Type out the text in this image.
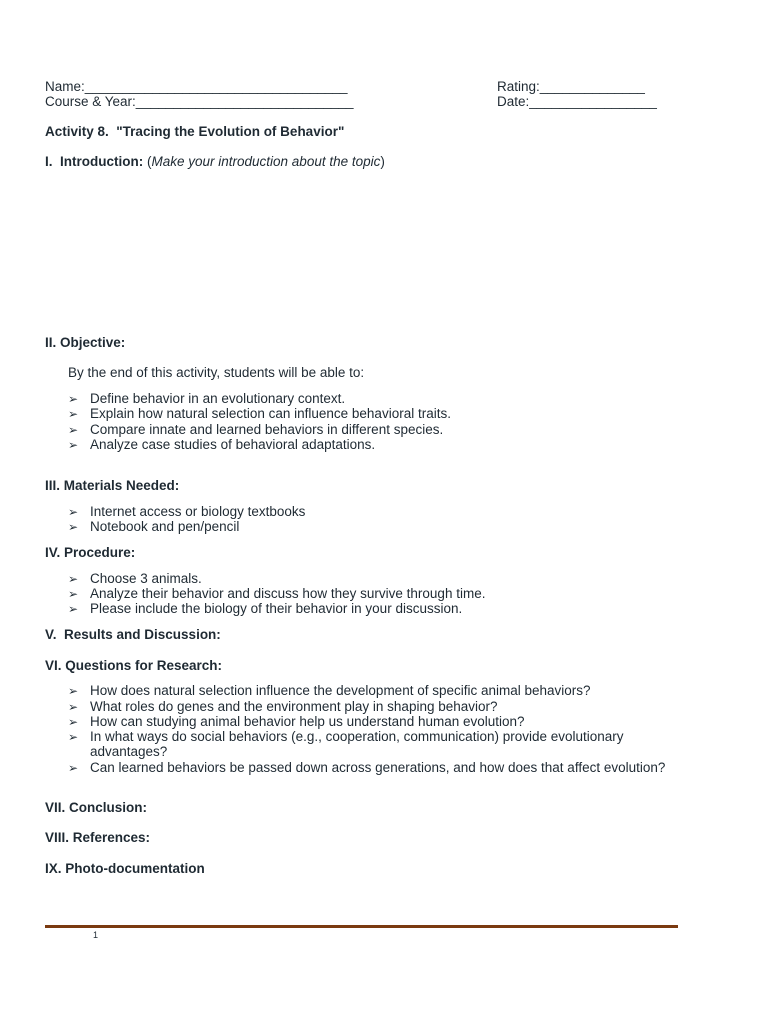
Name:___________________________________
Course & Year:_____________________________
Rating:______________
Date:_________________
Activity 8.  "Tracing the Evolution of Behavior"
I.  Introduction: (Make your introduction about the topic)
II. Objective:
By the end of this activity, students will be able to:
➢ Define behavior in an evolutionary context.
➢ Explain how natural selection can influence behavioral traits.
➢ Compare innate and learned behaviors in different species.
➢ Analyze case studies of behavioral adaptations.
III. Materials Needed:
➢ Internet access or biology textbooks
➢ Notebook and pen/pencil
IV. Procedure:
➢ Choose 3 animals.
➢ Analyze their behavior and discuss how they survive through time.
➢ Please include the biology of their behavior in your discussion.
V.  Results and Discussion:
VI. Questions for Research:
➢ How does natural selection influence the development of specific animal behaviors?
➢ What roles do genes and the environment play in shaping behavior?
➢ How can studying animal behavior help us understand human evolution?
➢ In what ways do social behaviors (e.g., cooperation, communication) provide evolutionary advantages?
➢ Can learned behaviors be passed down across generations, and how does that affect evolution?
VII. Conclusion:
VIII. References:
IX. Photo-documentation
1
